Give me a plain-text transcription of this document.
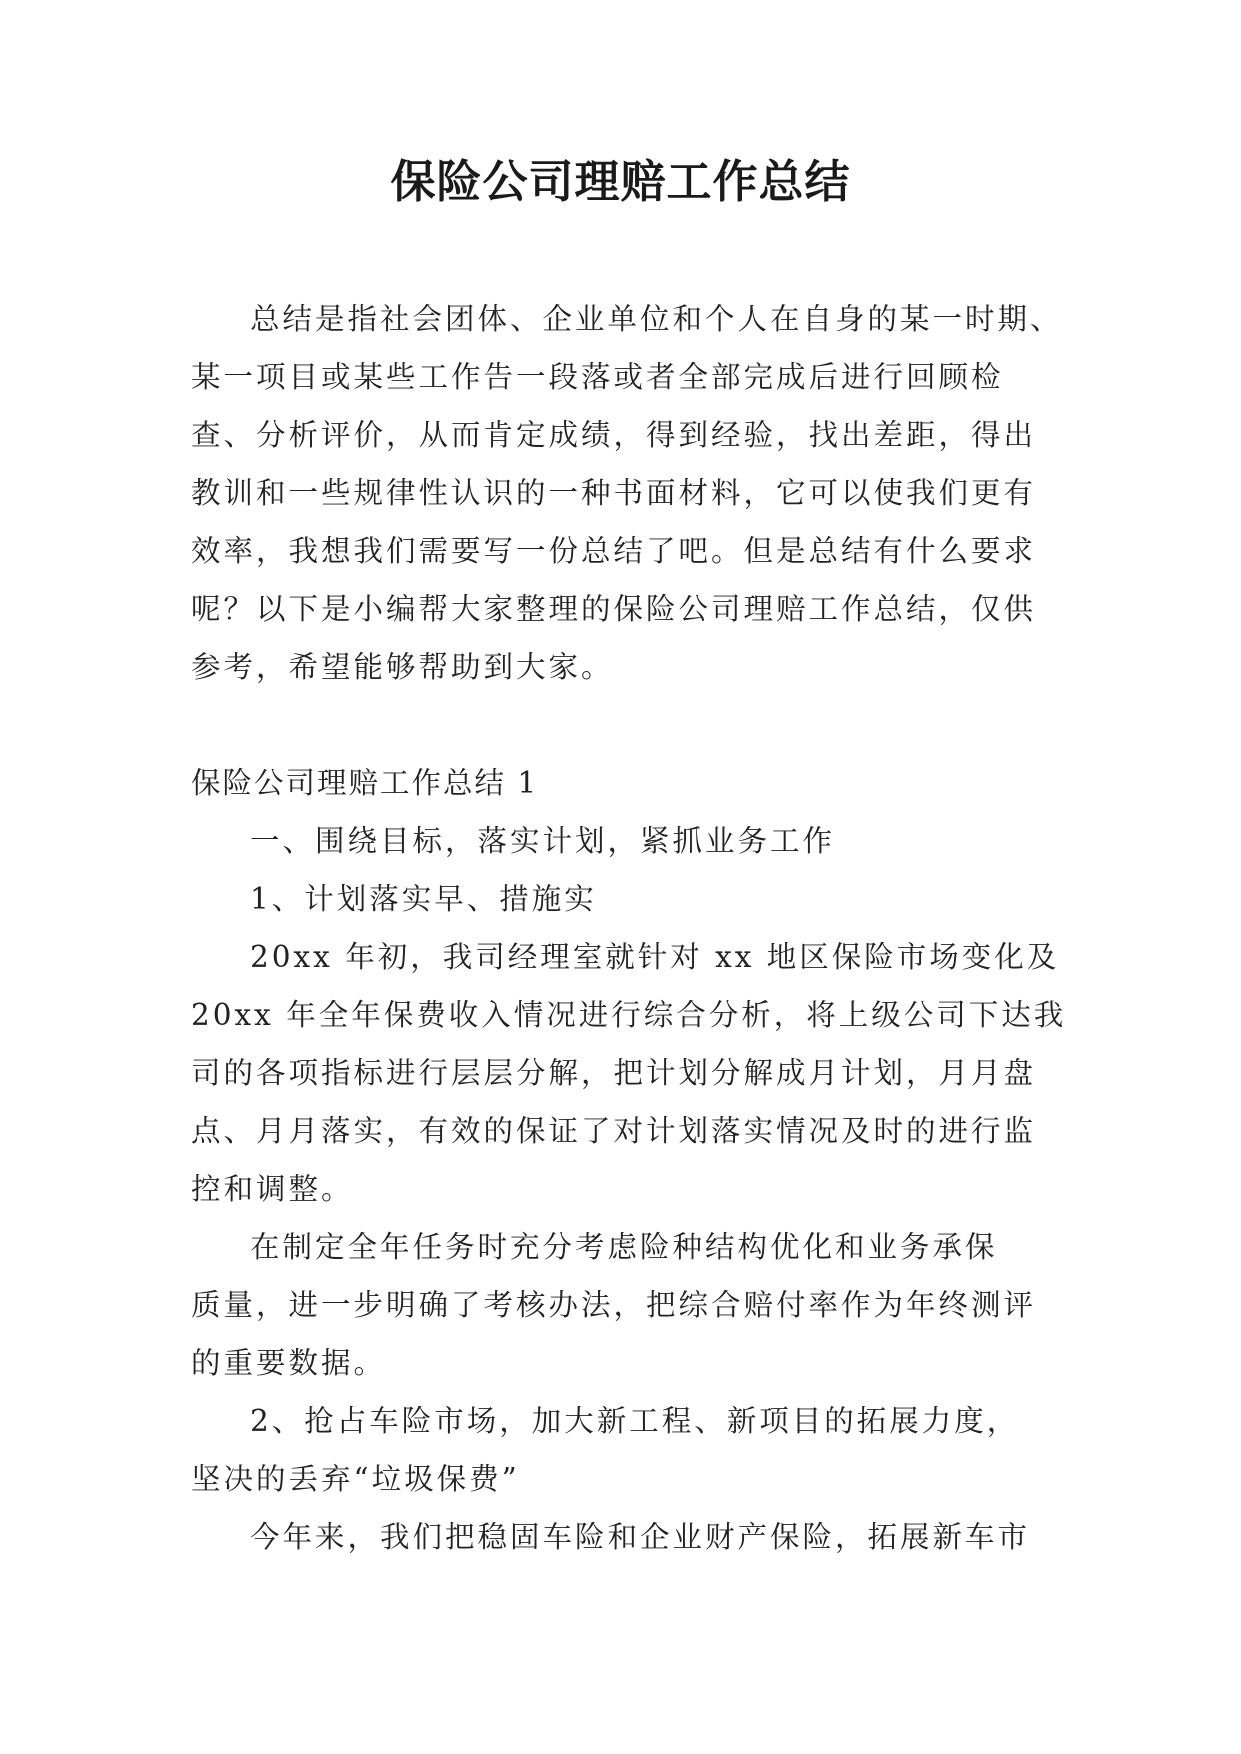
保险公司理赔工作总结

总结是指社会团体、企业单位和个人在自身的某一时期、
某一项目或某些工作告一段落或者全部完成后进行回顾检
查、分析评价，从而肯定成绩，得到经验，找出差距，得出
教训和一些规律性认识的一种书面材料，它可以使我们更有
效率，我想我们需要写一份总结了吧。但是总结有什么要求
呢？以下是小编帮大家整理的保险公司理赔工作总结，仅供
参考，希望能够帮助到大家。

保险公司理赔工作总结 1

一、围绕目标，落实计划，紧抓业务工作

1、计划落实早、措施实

20xx 年初，我司经理室就针对 xx 地区保险市场变化及
20xx 年全年保费收入情况进行综合分析，将上级公司下达我
司的各项指标进行层层分解，把计划分解成月计划，月月盘
点、月月落实，有效的保证了对计划落实情况及时的进行监
控和调整。

在制定全年任务时充分考虑险种结构优化和业务承保
质量，进一步明确了考核办法，把综合赔付率作为年终测评
的重要数据。

2、抢占车险市场，加大新工程、新项目的拓展力度，
坚决的丢弃“垃圾保费”

今年来，我们把稳固车险和企业财产保险，拓展新车市
